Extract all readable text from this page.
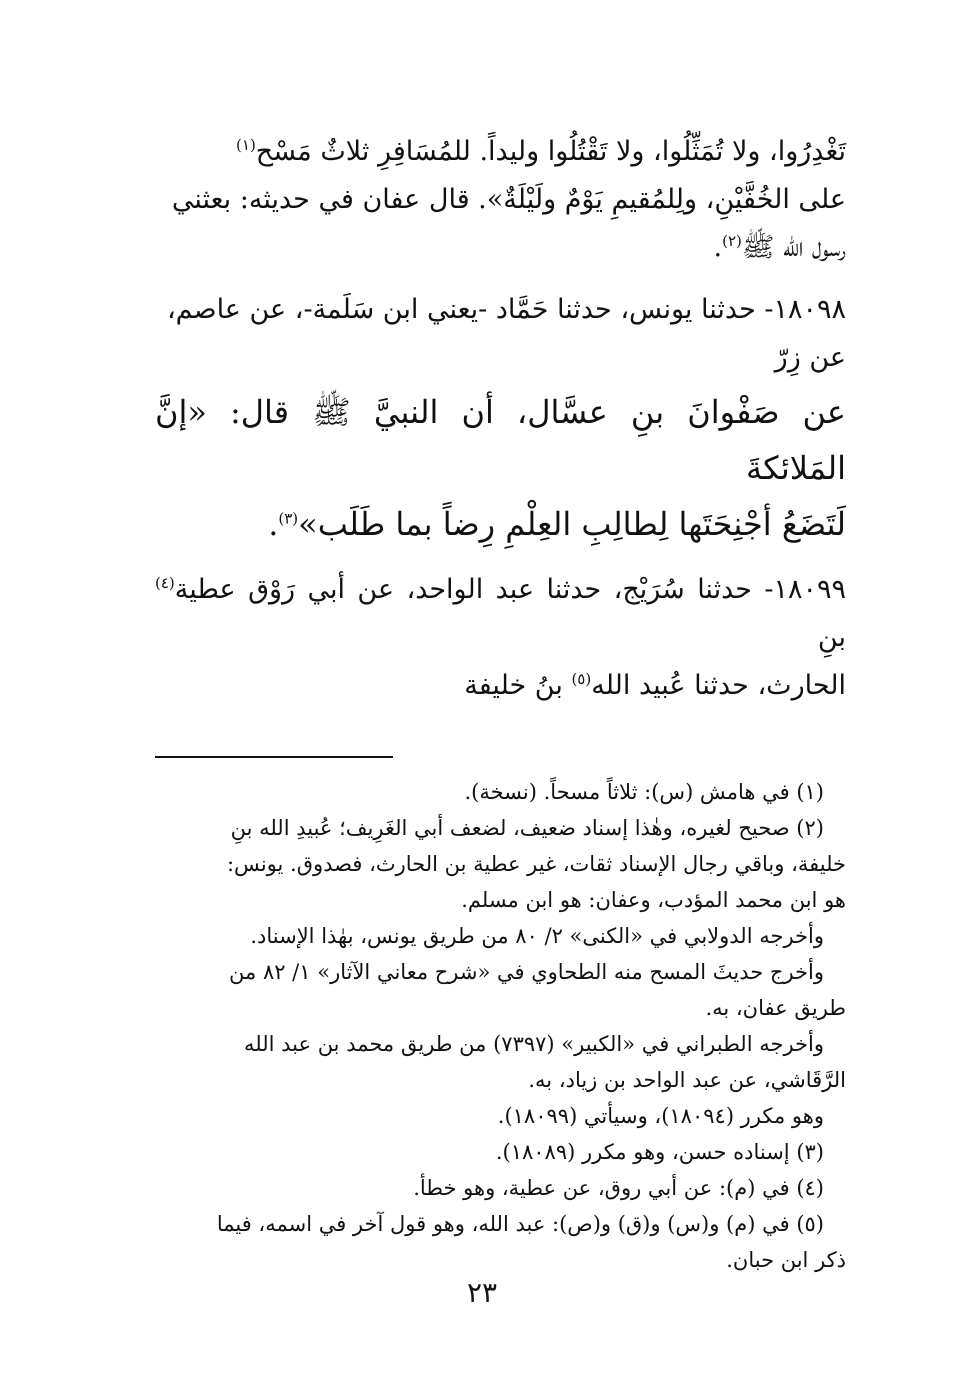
تَغْدِرُوا، ولا تُمَثِّلُوا، ولا تَقْتُلُوا وليداً. للمُسَافِرِ ثلاثٌ مَسْح$^{(١)}$

على الخُفَّيْنِ، ولِلمُقيمِ يَوْمٌ ولَيْلَةٌ». قال عفان في حديثه: بعثني

رسول الله ﷺ$^{(٢)}$.

١٨٠٩٨- حدثنا يونس، حدثنا حَمَّاد -يعني ابن سَلَمة-، عن عاصم،

عن زِرّ

عن صَفْوانَ بنِ عسَّال، أن النبيَّ ﷺ قال: «إنَّ المَلائكةَ

لَتَضَعُ أجْنِحَتَها لِطالِبِ العِلْمِ رِضاً بما طَلَب»$^{(٣)}$.

١٨٠٩٩- حدثنا سُرَيْج، حدثنا عبد الواحد، عن أبي رَوْق عطية$^{(٤)}$ بنِ

الحارث، حدثنا عُبيد الله$^{(٥)}$ بنُ خليفة

(١) في هامش (س): ثلاثاً مسحاً. (نسخة).

(٢) صحيح لغيره، وهٰذا إسناد ضعيف، لضعف أبي الغَرِيف؛ عُبيدِ الله بنِ

خليفة، وباقي رجال الإسناد ثقات، غير عطية بن الحارث، فصدوق. يونس:

هو ابن محمد المؤدب، وعفان: هو ابن مسلم.

وأخرجه الدولابي في «الكنى» ٢/ ٨٠ من طريق يونس، بهٰذا الإسناد.

وأخرج حديثَ المسح منه الطحاوي في «شرح معاني الآثار» ١/ ٨٢ من

طريق عفان، به.

وأخرجه الطبراني في «الكبير» (٧٣٩٧) من طريق محمد بن عبد الله

الرَّقَاشي، عن عبد الواحد بن زياد، به.

وهو مكرر (١٨٠٩٤)، وسيأتي (١٨٠٩٩).

(٣) إسناده حسن، وهو مكرر (١٨٠٨٩).

(٤) في (م): عن أبي روق، عن عطية، وهو خطأ.

(٥) في (م) و(س) و(ق) و(ص): عبد الله، وهو قول آخر في اسمه، فيما

ذكر ابن حبان.

٢٣
